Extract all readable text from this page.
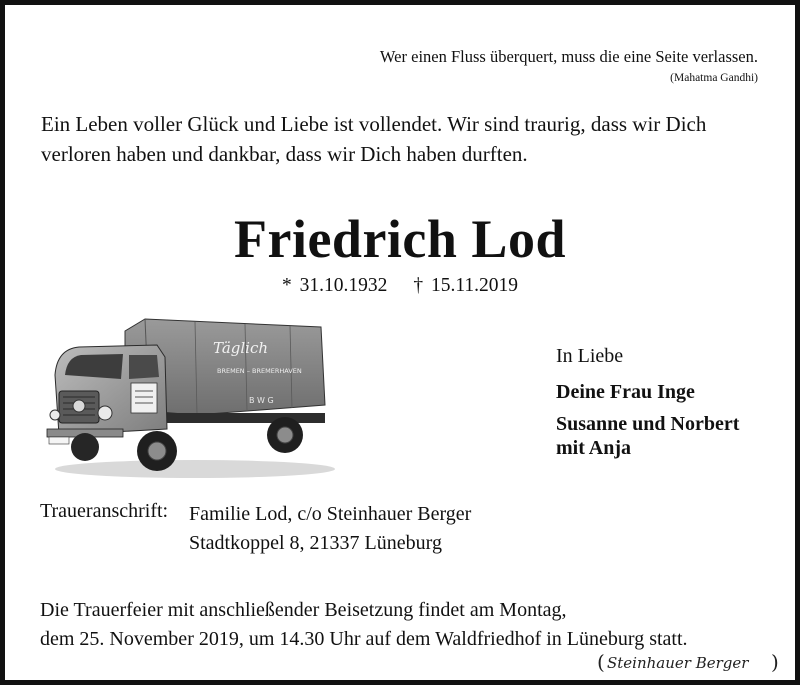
Wer einen Fluss überquert, muss die eine Seite verlassen.
(Mahatma Gandhi)
Ein Leben voller Glück und Liebe ist vollendet. Wir sind traurig, dass wir Dich
verloren haben und dankbar, dass wir Dich haben durften.
Friedrich Lod
* 31.10.1932 † 15.11.2019
Täglich
BREMEN – BREMERHAVEN
B W G
In Liebe
Deine Frau Inge
Susanne und Norbert
mit Anja
Traueranschrift: Familie Lod, c/o Steinhauer Berger
Stadtkoppel 8, 21337 Lüneburg
Die Trauerfeier mit anschließender Beisetzung findet am Montag,
dem 25. November 2019, um 14.30 Uhr auf dem Waldfriedhof in Lüneburg statt.
( Steinhauer Berger )
